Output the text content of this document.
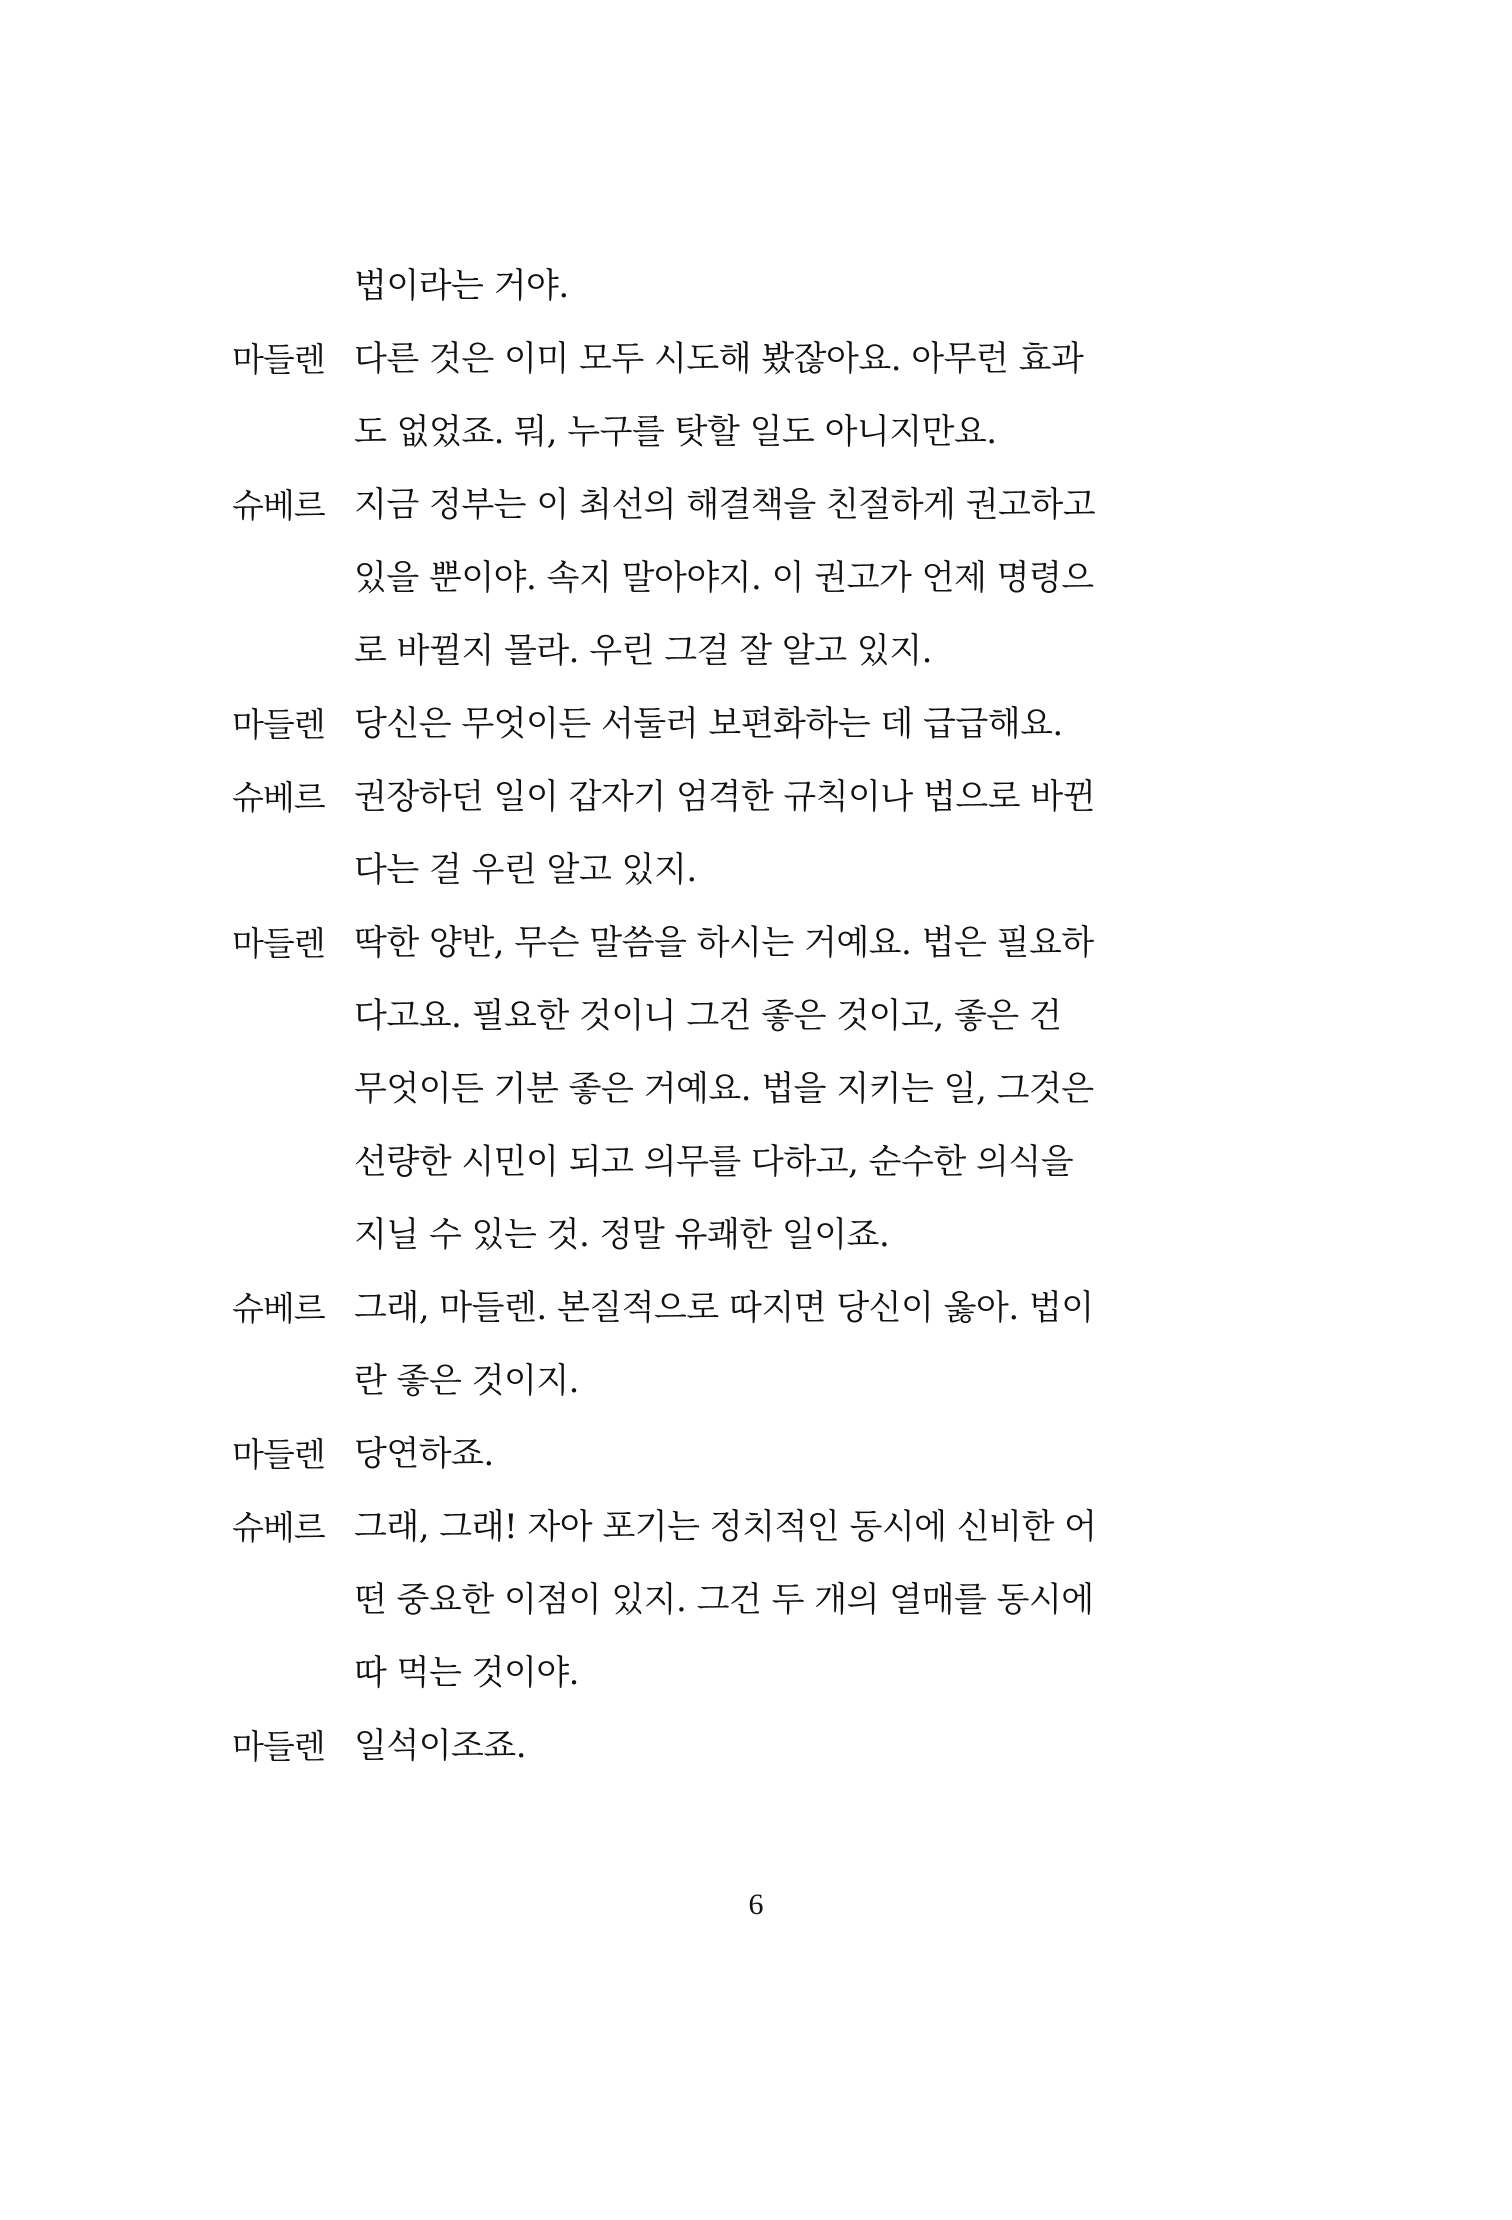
법이라는 거야.
마들렌 다른 것은 이미 모두 시도해 봤잖아요. 아무런 효과
도 없었죠. 뭐, 누구를 탓할 일도 아니지만요.
슈베르 지금 정부는 이 최선의 해결책을 친절하게 권고하고
있을 뿐이야. 속지 말아야지. 이 권고가 언제 명령으
로 바뀔지 몰라. 우린 그걸 잘 알고 있지.
마들렌 당신은 무엇이든 서둘러 보편화하는 데 급급해요.
슈베르 권장하던 일이 갑자기 엄격한 규칙이나 법으로 바뀐
다는 걸 우린 알고 있지.
마들렌 딱한 양반, 무슨 말씀을 하시는 거예요. 법은 필요하
다고요. 필요한 것이니 그건 좋은 것이고, 좋은 건
무엇이든 기분 좋은 거예요. 법을 지키는 일, 그것은
선량한 시민이 되고 의무를 다하고, 순수한 의식을
지닐 수 있는 것. 정말 유쾌한 일이죠.
슈베르 그래, 마들렌. 본질적으로 따지면 당신이 옳아. 법이
란 좋은 것이지.
마들렌 당연하죠.
슈베르 그래, 그래! 자아 포기는 정치적인 동시에 신비한 어
떤 중요한 이점이 있지. 그건 두 개의 열매를 동시에
따 먹는 것이야.
마들렌 일석이조죠.
6
